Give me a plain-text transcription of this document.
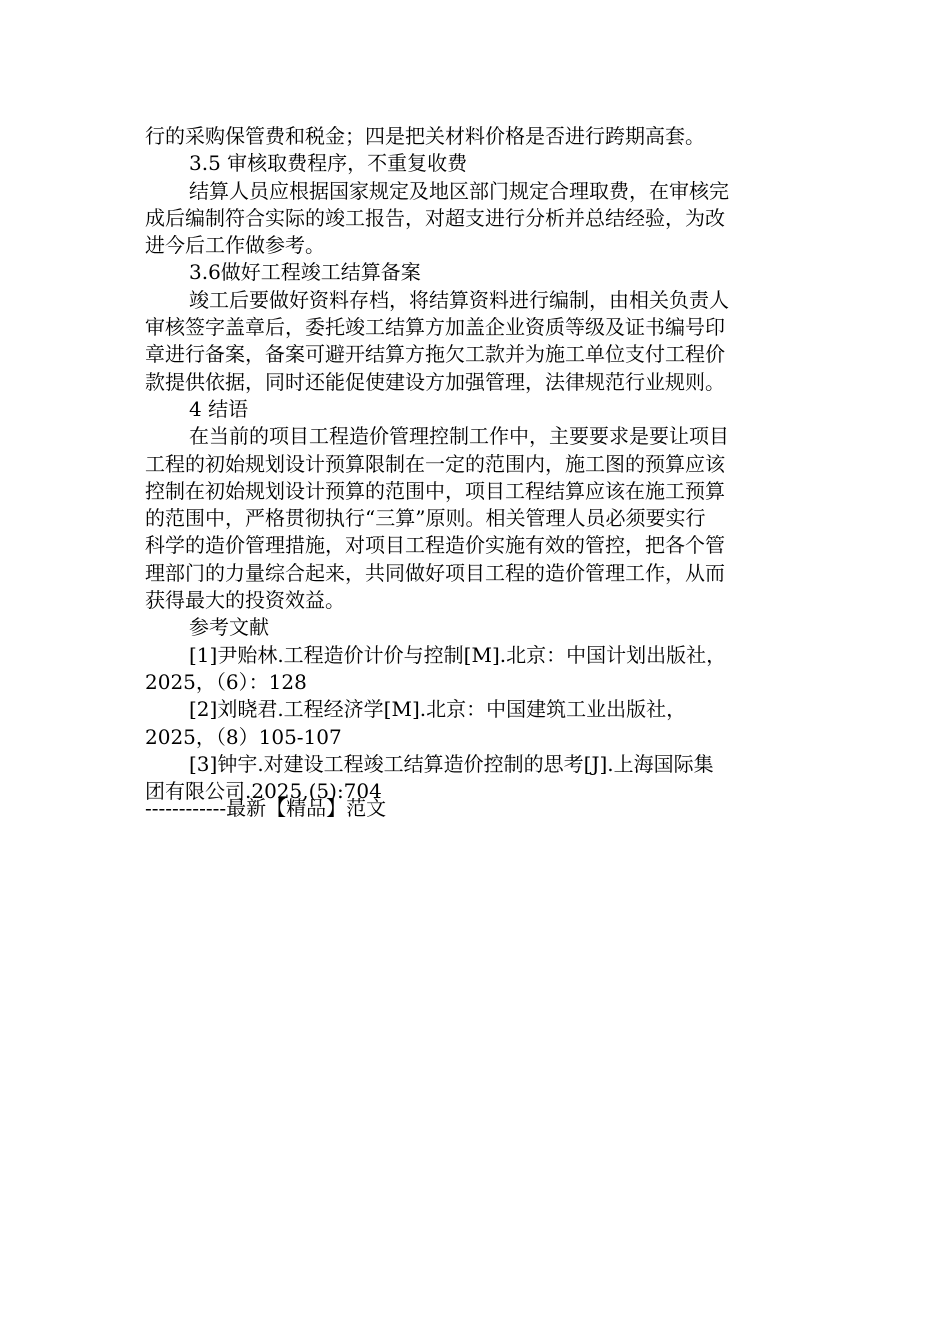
行的采购保管费和税金；四是把关材料价格是否进行跨期高套。
3.5 审核取费程序，不重复收费
结算人员应根据国家规定及地区部门规定合理取费，在审核完
成后编制符合实际的竣工报告，对超支进行分析并总结经验，为改
进今后工作做参考。
3.6做好工程竣工结算备案
竣工后要做好资料存档，将结算资料进行编制，由相关负责人
审核签字盖章后，委托竣工结算方加盖企业资质等级及证书编号印
章进行备案，备案可避开结算方拖欠工款并为施工单位支付工程价
款提供依据，同时还能促使建设方加强管理，法律规范行业规则。
4 结语
在当前的项目工程造价管理控制工作中，主要要求是要让项目
工程的初始规划设计预算限制在一定的范围内，施工图的预算应该
控制在初始规划设计预算的范围中，项目工程结算应该在施工预算
的范围中，严格贯彻执行“三算”原则。相关管理人员必须要实行
科学的造价管理措施，对项目工程造价实施有效的管控，把各个管
理部门的力量综合起来，共同做好项目工程的造价管理工作，从而
获得最大的投资效益。
参考文献
[1]尹贻林.工程造价计价与控制[M].北京：中国计划出版社，
2025，（6）：128
[2]刘晓君.工程经济学[M].北京：中国建筑工业出版社，
2025，（8）105-107
[3]钟宇.对建设工程竣工结算造价控制的思考[J].上海国际集
团有限公司.2025,(5):704
------------最新【精品】范文
